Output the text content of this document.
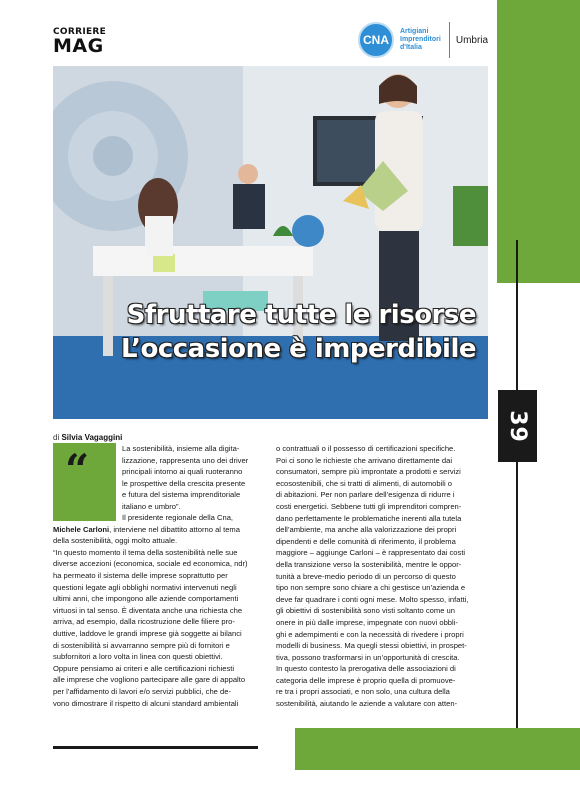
39
CORRIERE
MAG	CNA
Artigiani
Imprenditori
d'Italia
Umbria
Sfruttare tutte le risorse
L’occasione è imperdibile
di Silvia Vagaggini
“	La sostenibilità, insieme alla digita-
lizzazione, rappresenta uno dei driver
principali intorno ai quali ruoteranno
le prospettive della crescita presente
e futura del sistema imprenditoriale
italiano e umbro”.
Il presidente regionale della Cna,
Michele Carloni, interviene nel dibattito attorno al tema
della sostenibilità, oggi molto attuale.
“In questo momento il tema della sostenibilità nelle sue
diverse accezioni (economica, sociale ed economica, ndr)
ha permeato il sistema delle imprese soprattutto per
questioni legate agli obblighi normativi intervenuti negli
ultimi anni, che impongono alle aziende comportamenti
virtuosi in tal senso. È diventata anche una richiesta che
arriva, ad esempio, dalla ricostruzione delle filiere pro-
duttive, laddove le grandi imprese già soggette ai bilanci
di sostenibilità si avvarranno sempre più di fornitori e
subfornitori a loro volta in linea con questi obiettivi.
Oppure pensiamo ai criteri e alle certificazioni richiesti
alle imprese che vogliono partecipare alle gare di appalto
per l’affidamento di lavori e/o servizi pubblici, che de-
vono dimostrare il rispetto di alcuni standard ambientali
o contrattuali o il possesso di certificazioni specifiche.
Poi ci sono le richieste che arrivano direttamente dai
consumatori, sempre più improntate a prodotti e servizi
ecosostenibili, che si tratti di alimenti, di automobili o
di abitazioni. Per non parlare dell’esigenza di ridurre i
costi energetici. Sebbene tutti gli imprenditori compren-
dano perfettamente le problematiche inerenti alla tutela
dell’ambiente, ma anche alla valorizzazione dei propri
dipendenti e delle comunità di riferimento, il problema
maggiore – aggiunge Carloni – è rappresentato dai costi
della transizione verso la sostenibilità, mentre le oppor-
tunità a breve-medio periodo di un percorso di questo
tipo non sempre sono chiare a chi gestisce un’azienda e
deve far quadrare i conti ogni mese. Molto spesso, infatti,
gli obiettivi di sostenibilità sono visti soltanto come un
onere in più dalle imprese, impegnate con nuovi obbli-
ghi e adempimenti e con la necessità di rivedere i propri
modelli di business. Ma quegli stessi obiettivi, in prospet-
tiva, possono trasformarsi in un’opportunità di crescita.
In questo contesto la prerogativa delle associazioni di
categoria delle imprese è proprio quella di promuove-
re tra i propri associati, e non solo, una cultura della
sostenibilità, aiutando le aziende a valutare con atten-
